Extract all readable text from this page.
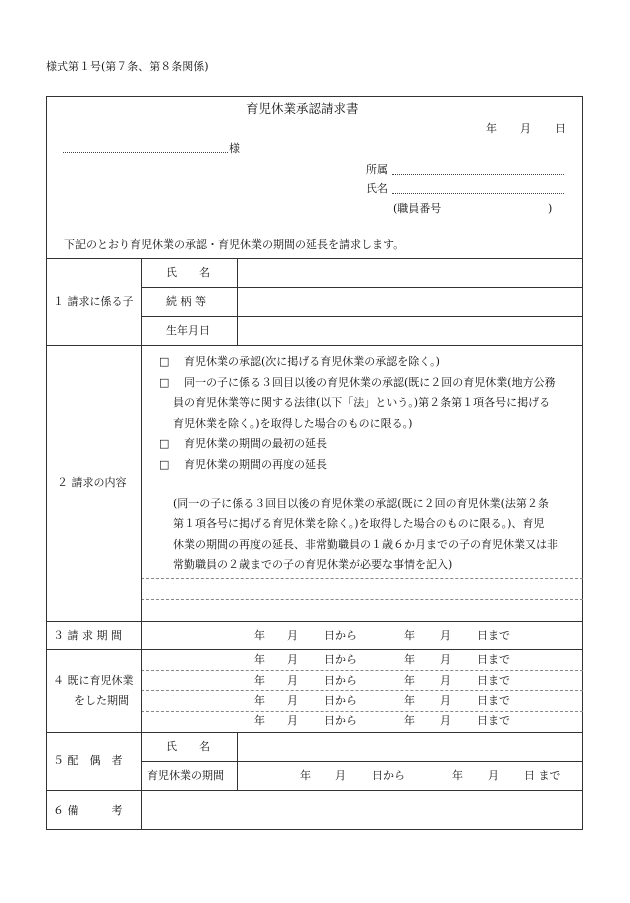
様式第１号(第７条、第８条関係)
育児休業承認請求書
年 月 日
様
所属
氏名
(職員番号	)
下記のとおり育児休業の承認・育児休業の期間の延長を請求します。
１ 請求に係る子
氏　　名
続 柄 等
生年月日
２ 請求の内容
□ 育児休業の承認(次に掲げる育児休業の承認を除く。)
□ 同一の子に係る３回目以後の育児休業の承認(既に２回の育児休業(地方公務
員の育児休業等に関する法律(以下「法」という。)第２条第１項各号に掲げる
育児休業を除く。)を取得した場合のものに限る。)
□ 育児休業の期間の最初の延長
□ 育児休業の期間の再度の延長
(同一の子に係る３回目以後の育児休業の承認(既に２回の育児休業(法第２条
第１項各号に掲げる育児休業を除く。)を取得した場合のものに限る。)、育児
休業の期間の再度の延長、非常勤職員の１歳６か月までの子の育児休業又は非
常勤職員の２歳までの子の育児休業が必要な事情を記入)
３ 請 求 期 間	年 月 日から	年 月 日まで
４ 既に育児休業
をした期間
年 月 日から	年 月 日まで
年 月 日から	年 月 日まで
年 月 日から	年 月 日まで
年 月 日から	年 月 日まで
５ 配　偶　者
氏　　名
育児休業の期間	年 月 日から	年 月 日 まで
６ 備　　　考
